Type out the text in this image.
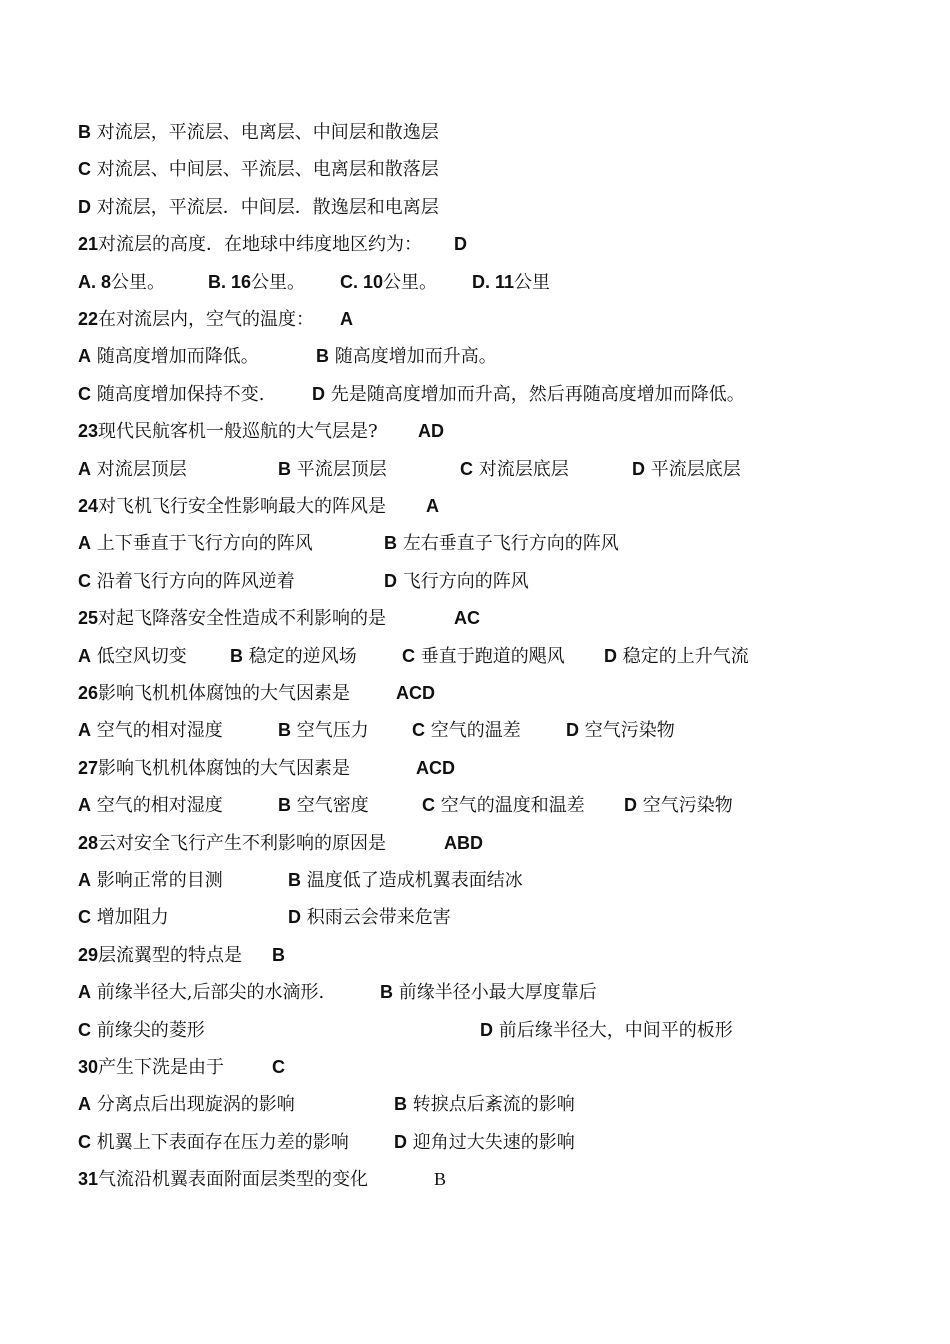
B 对流层，平流层、电离层、中间层和散逸层
C 对流层、中间层、平流层、电离层和散落层
D 对流层，平流层．中间层．散逸层和电离层
21对流层的高度．在地球中纬度地区约为： D
A. 8公里。 B. 16公里。 C. 10公里。 D. 11公里
22在对流层内，空气的温度： A
A 随高度增加而降低。	B 随高度增加而升高。
C 随高度增加保持不变.	D 先是随高度增加而升高，然后再随高度增加而降低。
23现代民航客机一般巡航的大气层是? AD
A 对流层顶层	B 平流层顶层	C 对流层底层	D 平流层底层
24对飞机飞行安全性影响最大的阵风是 A
A 上下垂直于飞行方向的阵风	B 左右垂直子飞行方向的阵风
C 沿着飞行方向的阵风逆着	D 飞行方向的阵风
25对起飞降落安全性造成不利影响的是	AC
A 低空风切变 B 稳定的逆风场	C 垂直于跑道的飓风 D 稳定的上升气流
26影响飞机机体腐蚀的大气因素是	ACD
A 空气的相对湿度	B 空气压力 C 空气的温差	D 空气污染物
27影响飞机机体腐蚀的大气因素是	ACD
A 空气的相对湿度	B 空气密度	C 空气的温度和温差 D 空气污染物
28云对安全飞行产生不利影响的原因是	ABD
A 影响正常的目测	B 温度低了造成机翼表面结冰
C 增加阻力	D 积雨云会带来危害
29层流翼型的特点是 B
A 前缘半径大,后部尖的水滴形.	B 前缘半径小最大厚度靠后
C 前缘尖的菱形	D 前后缘半径大，中间平的板形
30产生下洗是由于	C
A 分离点后出现旋涡的影响	B 转捩点后紊流的影响
C 机翼上下表面存在压力差的影响	D 迎角过大失速的影响
31气流沿机翼表面附面层类型的变化	B
